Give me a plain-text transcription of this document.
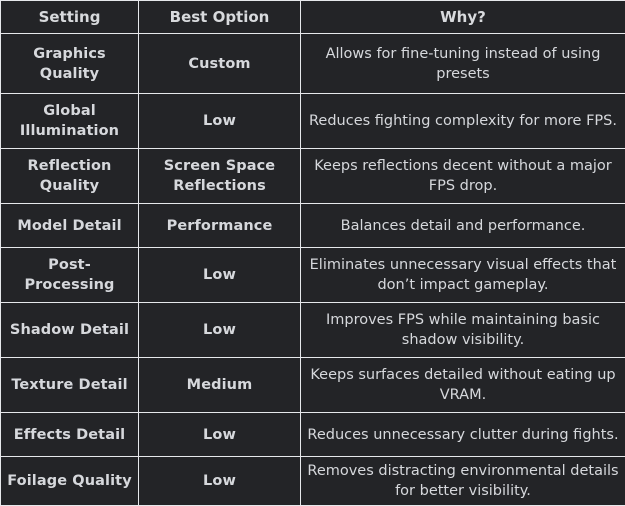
Setting	Best Option	Why?
Graphics Quality	Custom	Allows for fine-tuning instead of using presets
Global Illumination	Low	Reduces fighting complexity for more FPS.
Reflection Quality	Screen Space Reflections	Keeps reflections decent without a major FPS drop.
Model Detail	Performance	Balances detail and performance.
Post-Processing	Low	Eliminates unnecessary visual effects that don’t impact gameplay.
Shadow Detail	Low	Improves FPS while maintaining basic shadow visibility.
Texture Detail	Medium	Keeps surfaces detailed without eating up VRAM.
Effects Detail	Low	Reduces unnecessary clutter during fights.
Foilage Quality	Low	Removes distracting environmental details for better visibility.
